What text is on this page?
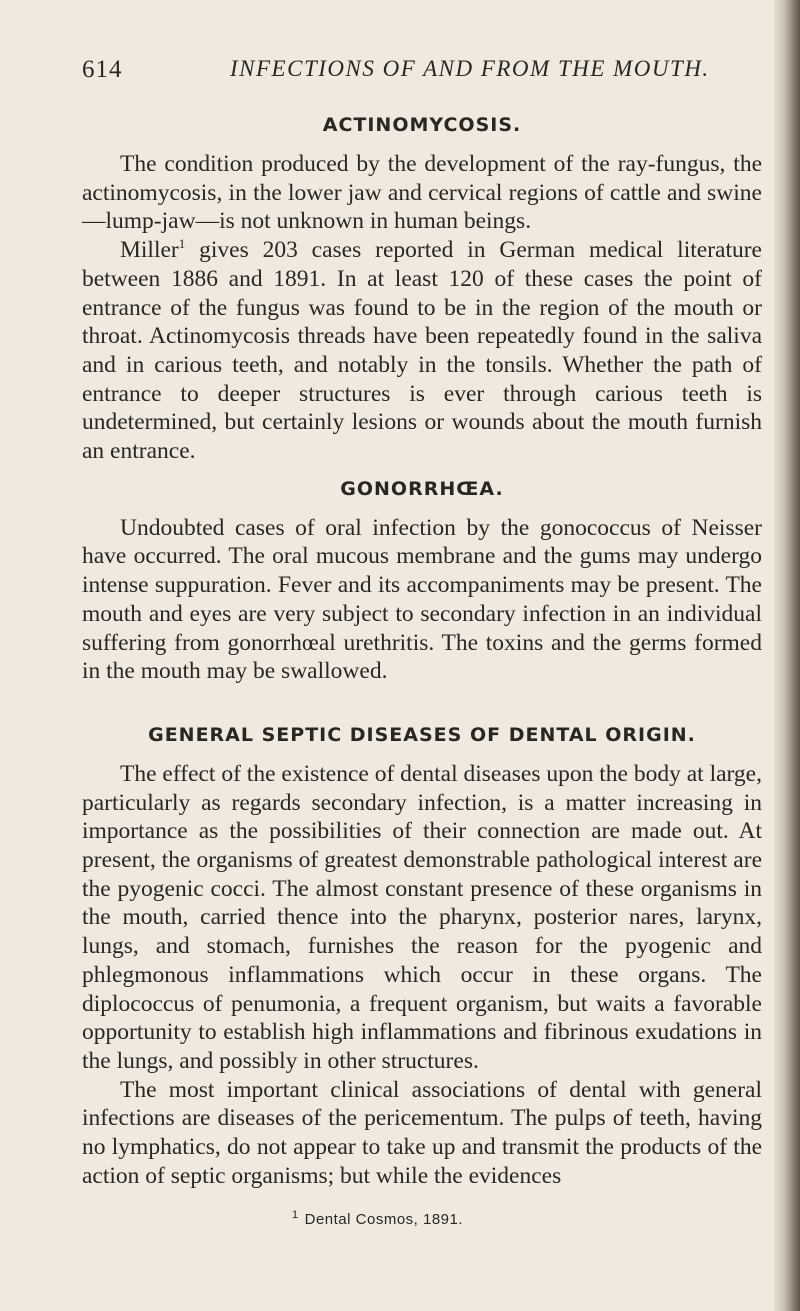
614	INFECTIONS OF AND FROM THE MOUTH.
ACTINOMYCOSIS.

The condition produced by the development of the ray-fungus, the actinomycosis, in the lower jaw and cervical regions of cattle and swine—lump-jaw—is not unknown in human beings.

Miller$^1$ gives 203 cases reported in German medical literature between 1886 and 1891. In at least 120 of these cases the point of entrance of the fungus was found to be in the region of the mouth or throat. Actinomycosis threads have been repeatedly found in the saliva and in carious teeth, and notably in the tonsils. Whether the path of entrance to deeper structures is ever through carious teeth is undetermined, but certainly lesions or wounds about the mouth furnish an entrance.

GONORRHŒA.

Undoubted cases of oral infection by the gonococcus of Neisser have occurred. The oral mucous membrane and the gums may undergo intense suppuration. Fever and its accompaniments may be present. The mouth and eyes are very subject to secondary infection in an individual suffering from gonorrhœal urethritis. The toxins and the germs formed in the mouth may be swallowed.

GENERAL SEPTIC DISEASES OF DENTAL ORIGIN.

The effect of the existence of dental diseases upon the body at large, particularly as regards secondary infection, is a matter increasing in importance as the possibilities of their connection are made out. At present, the organisms of greatest demonstrable pathological interest are the pyogenic cocci. The almost constant presence of these organisms in the mouth, carried thence into the pharynx, posterior nares, larynx, lungs, and stomach, furnishes the reason for the pyogenic and phlegmonous inflammations which occur in these organs. The diplococcus of penumonia, a frequent organism, but waits a favorable opportunity to establish high inflammations and fibrinous exudations in the lungs, and possibly in other structures.

The most important clinical associations of dental with general infections are diseases of the pericementum. The pulps of teeth, having no lymphatics, do not appear to take up and transmit the products of the action of septic organisms; but while the evidences

$^1$ Dental Cosmos, 1891.
